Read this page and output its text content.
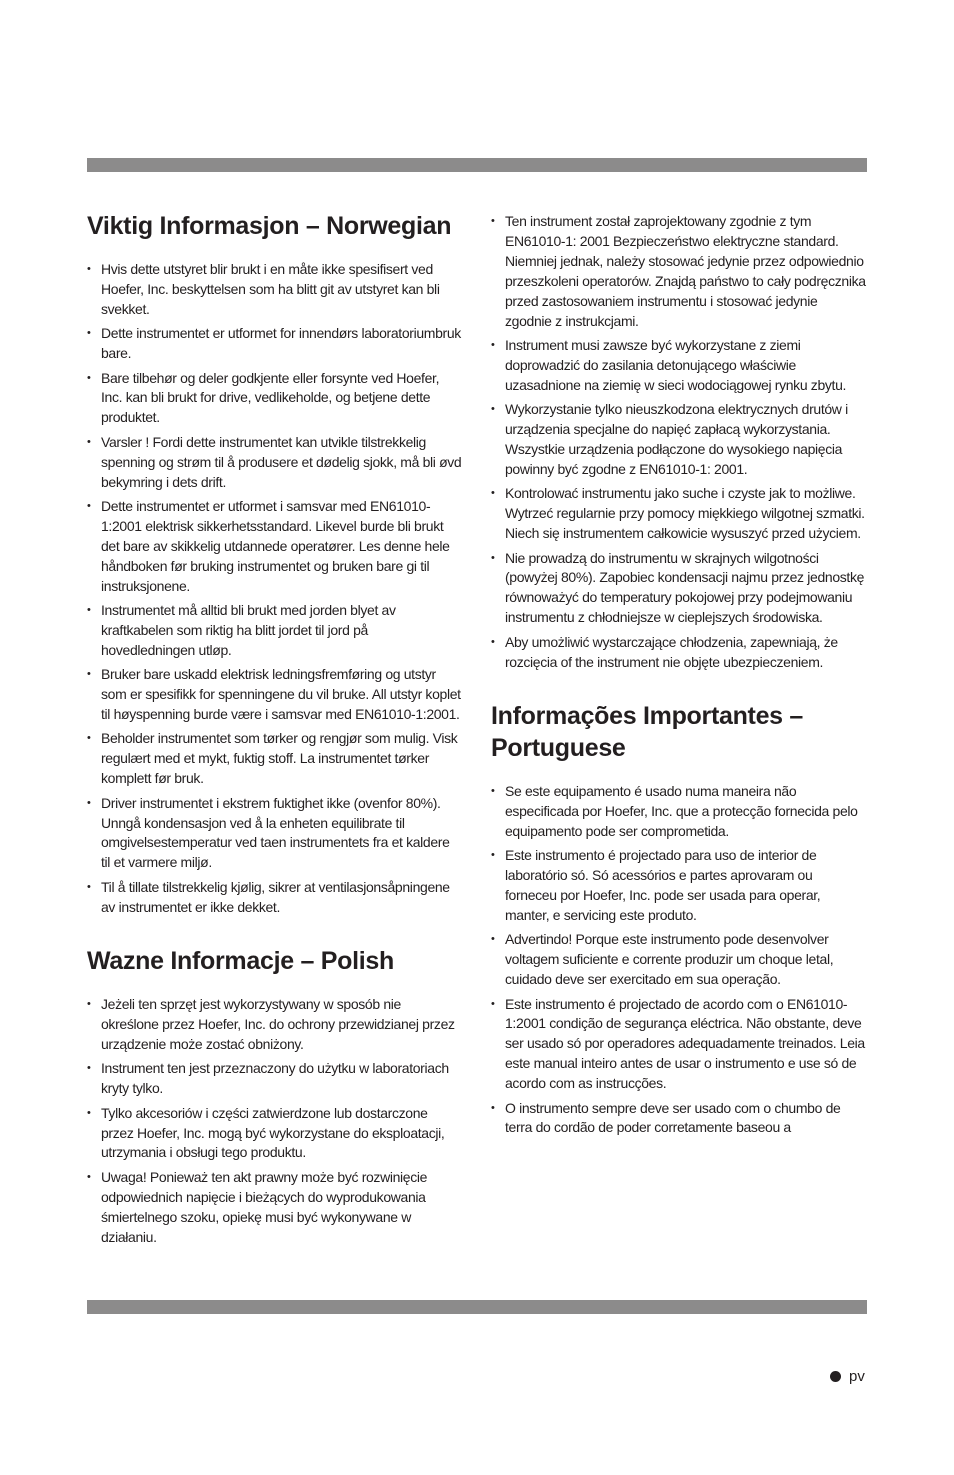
Viktig Informasjon – Norwegian
• Hvis dette utstyret blir brukt i en måte ikke spesifisert ved Hoefer, Inc. beskyttelsen som ha blitt git av utstyret kan bli svekket.
• Dette instrumentet er utformet for innendørs laboratoriumbruk bare.
• Bare tilbehør og deler godkjente eller forsynte ved Hoefer, Inc. kan bli brukt for drive, vedlikeholde, og betjene dette produktet.
• Varsler ! Fordi dette instrumentet kan utvikle tilstrekkelig spenning og strøm til å produsere et dødelig sjokk, må bli øvd bekymring i dets drift.
• Dette instrumentet er utformet i samsvar med EN61010-1:2001 elektrisk sikkerhetsstandard. Likevel burde bli brukt det bare av skikkelig utdannede operatører. Les denne hele håndboken før bruking instrumentet og bruken bare gi til instruksjonene.
• Instrumentet må alltid bli brukt med jorden blyet av kraftkabelen som riktig ha blitt jordet til jord på hovedledningen utløp.
• Bruker bare uskadd elektrisk ledningsfremføring og utstyr som er spesifikk for spenningene du vil bruke. All utstyr koplet til høyspenning burde være i samsvar med EN61010-1:2001.
• Beholder instrumentet som tørker og rengjør som mulig. Visk regulært med et mykt, fuktig stoff. La instrumentet tørker komplett før bruk.
• Driver instrumentet i ekstrem fuktighet ikke (ovenfor 80%). Unngå kondensasjon ved å la enheten equilibrate til omgivelsestemperatur ved taen instrumentets fra et kaldere til et varmere miljø.
• Til å tillate tilstrekkelig kjølig, sikrer at ventilasjonsåpningene av instrumentet er ikke dekket.
Wazne Informacje – Polish
• Jeżeli ten sprzęt jest wykorzystywany w sposób nie określone przez Hoefer, Inc. do ochrony przewidzianej przez urządzenie może zostać obniżony.
• Instrument ten jest przeznaczony do użytku w laboratoriach kryty tylko.
• Tylko akcesoriów i części zatwierdzone lub dostarczone przez Hoefer, Inc. mogą być wykorzystane do eksploatacji, utrzymania i obsługi tego produktu.
• Uwaga! Ponieważ ten akt prawny może być rozwinięcie odpowiednich napięcie i bieżących do wyprodukowania śmiertelnego szoku, opiekę musi być wykonywane w działaniu.
• Ten instrument został zaprojektowany zgodnie z tym EN61010-1: 2001 Bezpieczeństwo elektryczne standard. Niemniej jednak, należy stosować jedynie przez odpowiednio przeszkoleni operatorów. Znajdą państwo to cały podręcznika przed zastosowaniem instrumentu i stosować jedynie zgodnie z instrukcjami.
• Instrument musi zawsze być wykorzystane z ziemi doprowadzić do zasilania detonującego właściwie uzasadnione na ziemię w sieci wodociągowej rynku zbytu.
• Wykorzystanie tylko nieuszkodzona elektrycznych drutów i urządzenia specjalne do napięć zapłacą wykorzystania. Wszystkie urządzenia podłączone do wysokiego napięcia powinny być zgodne z EN61010-1: 2001.
• Kontrolować instrumentu jako suche i czyste jak to możliwe. Wytrzeć regularnie przy pomocy miękkiego wilgotnej szmatki. Niech się instrumentem całkowicie wysuszyć przed użyciem.
• Nie prowadzą do instrumentu w skrajnych wilgotności (powyżej 80%). Zapobiec kondensacji najmu przez jednostkę równoważyć do temperatury pokojowej przy podejmowaniu instrumentu z chłodniejsze w cieplejszych środowiska.
• Aby umożliwić wystarczające chłodzenia, zapewniają, że rozcięcia of the instrument nie objęte ubezpieczeniem.
Informações Importantes – Portuguese
• Se este equipamento é usado numa maneira não especificada por Hoefer, Inc. que a protecção fornecida pelo equipamento pode ser comprometida.
• Este instrumento é projectado para uso de interior de laboratório só. Só acessórios e partes aprovaram ou forneceu por Hoefer, Inc. pode ser usada para operar, manter, e servicing este produto.
• Advertindo! Porque este instrumento pode desenvolver voltagem suficiente e corrente produzir um choque letal, cuidado deve ser exercitado em sua operação.
• Este instrumento é projectado de acordo com o EN61010-1:2001 condição de segurança eléctrica. Não obstante, deve ser usado só por operadores adequadamente treinados. Leia este manual inteiro antes de usar o instrumento e use só de acordo com as instrucções.
• O instrumento sempre deve ser usado com o chumbo de terra do cordão de poder corretamente baseou a
pv
